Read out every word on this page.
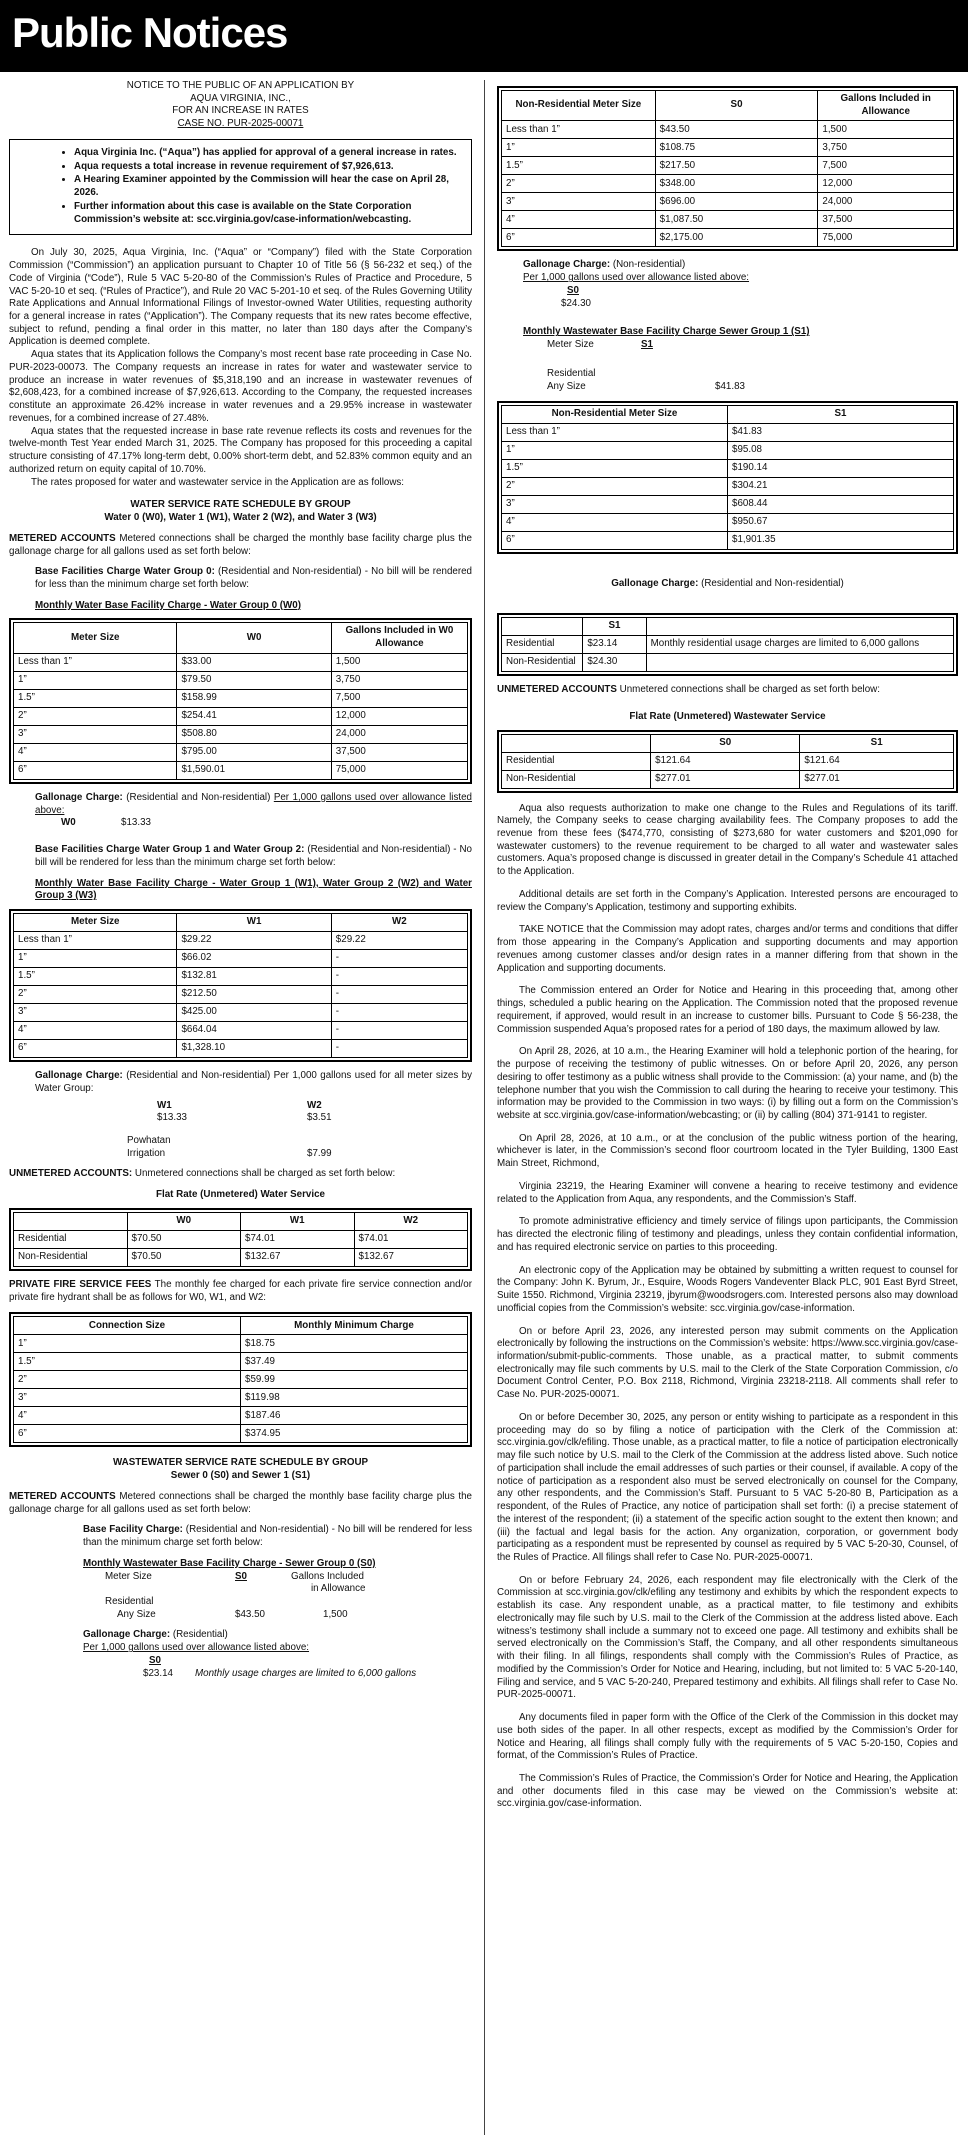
Public Notices
NOTICE TO THE PUBLIC OF AN APPLICATION BY
AQUA VIRGINIA, INC.,
FOR AN INCREASE IN RATES
CASE NO. PUR-2025-00071
• Aqua Virginia Inc. (“Aqua”) has applied for approval of a general increase in rates.
• Aqua requests a total increase in revenue requirement of $7,926,613.
• A Hearing Examiner appointed by the Commission will hear the case on April 28, 2026.
• Further information about this case is available on the State Corporation Commission’s website at: scc.virginia.gov/case-information/webcasting.

On July 30, 2025, Aqua Virginia, Inc. (“Aqua” or “Company”) filed with the State Corporation Commission (“Commission”) an application pursuant to Chapter 10 of Title 56 (§ 56-232 et seq.) of the Code of Virginia (“Code”), Rule 5 VAC 5-20-80 of the Commission’s Rules of Practice and Procedure, 5 VAC 5-20-10 et seq. (“Rules of Practice”), and Rule 20 VAC 5-201-10 et seq. of the Rules Governing Utility Rate Applications and Annual Informational Filings of Investor-owned Water Utilities, requesting authority for a general increase in rates (“Application”). The Company requests that its new rates become effective, subject to refund, pending a final order in this matter, no later than 180 days after the Company’s Application is deemed complete.

Aqua states that its Application follows the Company’s most recent base rate proceeding in Case No. PUR-2023-00073. The Company requests an increase in rates for water and wastewater service to produce an increase in water revenues of $5,318,190 and an increase in wastewater revenues of $2,608,423, for a combined increase of $7,926,613. According to the Company, the requested increases constitute an approximate 26.42% increase in water revenues and a 29.95% increase in wastewater revenues, for a combined increase of 27.48%.

Aqua states that the requested increase in base rate revenue reflects its costs and revenues for the twelve-month Test Year ended March 31, 2025. The Company has proposed for this proceeding a capital structure consisting of 47.17% long-term debt, 0.00% short-term debt, and 52.83% common equity and an authorized return on equity capital of 10.70%.

The rates proposed for water and wastewater service in the Application are as follows:

WATER SERVICE RATE SCHEDULE BY GROUP
Water 0 (W0), Water 1 (W1), Water 2 (W2), and Water 3 (W3)

METERED ACCOUNTS Metered connections shall be charged the monthly base facility charge plus the gallonage charge for all gallons used as set forth below:

Base Facilities Charge Water Group 0: (Residential and Non-residential) - No bill will be rendered for less than the minimum charge set forth below:

Monthly Water Base Facility Charge - Water Group 0 (W0)

Meter Size	W0	Gallons Included in W0 Allowance
Less than 1”	$33.00	1,500
1”	$79.50	3,750
1.5”	$158.99	7,500
2”	$254.41	12,000
3”	$508.80	24,000
4”	$795.00	37,500
6”	$1,590.01	75,000

Gallonage Charge: (Residential and Non-residential) Per 1,000 gallons used over allowance listed above:

W0	$13.33

Base Facilities Charge Water Group 1 and Water Group 2: (Residential and Non-residential) - No bill will be rendered for less than the minimum charge set forth below:

Monthly Water Base Facility Charge - Water Group 1 (W1), Water Group 2 (W2) and Water Group 3 (W3)

Meter Size	W1	W2
Less than 1”	$29.22	$29.22
1”	$66.02	-
1.5”	$132.81	-
2”	$212.50	-
3”	$425.00	-
4”	$664.04	-
6”	$1,328.10	-

Gallonage Charge: (Residential and Non-residential) Per 1,000 gallons used for all meter sizes by Water Group:

W1	W2
$13.33	$3.51
Powhatan
Irrigation	$7.99

UNMETERED ACCOUNTS: Unmetered connections shall be charged as set forth below:

Flat Rate (Unmetered) Water Service

	W0	W1	W2
Residential	$70.50	$74.01	$74.01
Non-Residential	$70.50	$132.67	$132.67

PRIVATE FIRE SERVICE FEES The monthly fee charged for each private fire service connection and/or private fire hydrant shall be as follows for W0, W1, and W2:

Connection Size	Monthly Minimum Charge
1”	$18.75
1.5”	$37.49
2”	$59.99
3”	$119.98
4”	$187.46
6”	$374.95
WASTEWATER SERVICE RATE SCHEDULE BY GROUP
Sewer 0 (S0) and Sewer 1 (S1)

METERED ACCOUNTS Metered connections shall be charged the monthly base facility charge plus the gallonage charge for all gallons used as set forth below:

Base Facility Charge: (Residential and Non-residential) - No bill will be rendered for less than the minimum charge set forth below:

Monthly Wastewater Base Facility Charge - Sewer Group 0 (S0)

Meter Size	S0	Gallons Included
in Allowance
Residential
Any Size	$43.50	1,500

Gallonage Charge: (Residential)

Per 1,000 gallons used over allowance listed above:

S0
$23.14	Monthly usage charges are limited to 6,000 gallons
Non-Residential Meter Size	S0	Gallons Included in Allowance
Less than 1”	$43.50	1,500
1”	$108.75	3,750
1.5”	$217.50	7,500
2”	$348.00	12,000
3”	$696.00	24,000
4”	$1,087.50	37,500
6”	$2,175.00	75,000

Gallonage Charge: (Non-residential)

Per 1,000 gallons used over allowance listed above:

S0
$24.30

Monthly Wastewater Base Facility Charge Sewer Group 1 (S1)

Meter Size	S1
Residential
Any Size	$41.83
Non-Residential Meter Size	S1
Less than 1”	$41.83
1”	$95.08
1.5”	$190.14
2”	$304.21
3”	$608.44
4”	$950.67
6”	$1,901.35

Gallonage Charge: (Residential and Non-residential)

	S1	
Residential	$23.14	Monthly residential usage charges are limited to 6,000 gallons
Non-Residential	$24.30	

UNMETERED ACCOUNTS Unmetered connections shall be charged as set forth below:

Flat Rate (Unmetered) Wastewater Service

	S0	S1
Residential	$121.64	$121.64
Non-Residential	$277.01	$277.01

Aqua also requests authorization to make one change to the Rules and Regulations of its tariff. Namely, the Company seeks to cease charging availability fees. The Company proposes to add the revenue from these fees ($474,770, consisting of $273,680 for water customers and $201,090 for wastewater customers) to the revenue requirement to be charged to all water and wastewater sales customers. Aqua’s proposed change is discussed in greater detail in the Company’s Schedule 41 attached to the Application.

Additional details are set forth in the Company’s Application. Interested persons are encouraged to review the Company’s Application, testimony and supporting exhibits.

TAKE NOTICE that the Commission may adopt rates, charges and/or terms and conditions that differ from those appearing in the Company’s Application and supporting documents and may apportion revenues among customer classes and/or design rates in a manner differing from that shown in the Application and supporting documents.

The Commission entered an Order for Notice and Hearing in this proceeding that, among other things, scheduled a public hearing on the Application. The Commission noted that the proposed revenue requirement, if approved, would result in an increase to customer bills. Pursuant to Code § 56-238, the Commission suspended Aqua’s proposed rates for a period of 180 days, the maximum allowed by law.

On April 28, 2026, at 10 a.m., the Hearing Examiner will hold a telephonic portion of the hearing, for the purpose of receiving the testimony of public witnesses. On or before April 20, 2026, any person desiring to offer testimony as a public witness shall provide to the Commission: (a) your name, and (b) the telephone number that you wish the Commission to call during the hearing to receive your testimony. This information may be provided to the Commission in two ways: (i) by filling out a form on the Commission’s website at scc.virginia.gov/case-information/webcasting; or (ii) by calling (804) 371-9141 to register.

On April 28, 2026, at 10 a.m., or at the conclusion of the public witness portion of the hearing, whichever is later, in the Commission’s second floor courtroom located in the Tyler Building, 1300 East Main Street, Richmond,

Virginia 23219, the Hearing Examiner will convene a hearing to receive testimony and evidence related to the Application from Aqua, any respondents, and the Commission’s Staff.

To promote administrative efficiency and timely service of filings upon participants, the Commission has directed the electronic filing of testimony and pleadings, unless they contain confidential information, and has required electronic service on parties to this proceeding.

An electronic copy of the Application may be obtained by submitting a written request to counsel for the Company: John K. Byrum, Jr., Esquire, Woods Rogers Vandeventer Black PLC, 901 East Byrd Street, Suite 1550. Richmond, Virginia 23219, jbyrum@woodsrogers.com. Interested persons also may download unofficial copies from the Commission’s website: scc.virginia.gov/case-information.

On or before April 23, 2026, any interested person may submit comments on the Application electronically by following the instructions on the Commission’s website: https://www.scc.virginia.gov/case-information/submit-public-comments. Those unable, as a practical matter, to submit comments electronically may file such comments by U.S. mail to the Clerk of the State Corporation Commission, c/o Document Control Center, P.O. Box 2118, Richmond, Virginia 23218-2118. All comments shall refer to Case No. PUR-2025-00071.

On or before December 30, 2025, any person or entity wishing to participate as a respondent in this proceeding may do so by filing a notice of participation with the Clerk of the Commission at: scc.virginia.gov/clk/efiling. Those unable, as a practical matter, to file a notice of participation electronically may file such notice by U.S. mail to the Clerk of the Commission at the address listed above. Such notice of participation shall include the email addresses of such parties or their counsel, if available. A copy of the notice of participation as a respondent also must be served electronically on counsel for the Company, any other respondents, and the Commission’s Staff. Pursuant to 5 VAC 5-20-80 B, Participation as a respondent, of the Rules of Practice, any notice of participation shall set forth: (i) a precise statement of the interest of the respondent; (ii) a statement of the specific action sought to the extent then known; and (iii) the factual and legal basis for the action. Any organization, corporation, or government body participating as a respondent must be represented by counsel as required by 5 VAC 5-20-30, Counsel, of the Rules of Practice. All filings shall refer to Case No. PUR-2025-00071.

On or before February 24, 2026, each respondent may file electronically with the Clerk of the Commission at scc.virginia.gov/clk/efiling any testimony and exhibits by which the respondent expects to establish its case. Any respondent unable, as a practical matter, to file testimony and exhibits electronically may file such by U.S. mail to the Clerk of the Commission at the address listed above. Each witness’s testimony shall include a summary not to exceed one page. All testimony and exhibits shall be served electronically on the Commission’s Staff, the Company, and all other respondents simultaneous with their filing. In all filings, respondents shall comply with the Commission’s Rules of Practice, as modified by the Commission’s Order for Notice and Hearing, including, but not limited to: 5 VAC 5-20-140, Filing and service, and 5 VAC 5-20-240, Prepared testimony and exhibits. All filings shall refer to Case No. PUR-2025-00071.

Any documents filed in paper form with the Office of the Clerk of the Commission in this docket may use both sides of the paper. In all other respects, except as modified by the Commission’s Order for Notice and Hearing, all filings shall comply fully with the requirements of 5 VAC 5-20-150, Copies and format, of the Commission’s Rules of Practice.

The Commission’s Rules of Practice, the Commission’s Order for Notice and Hearing, the Application and other documents filed in this case may be viewed on the Commission’s website at: scc.virginia.gov/case-information.
